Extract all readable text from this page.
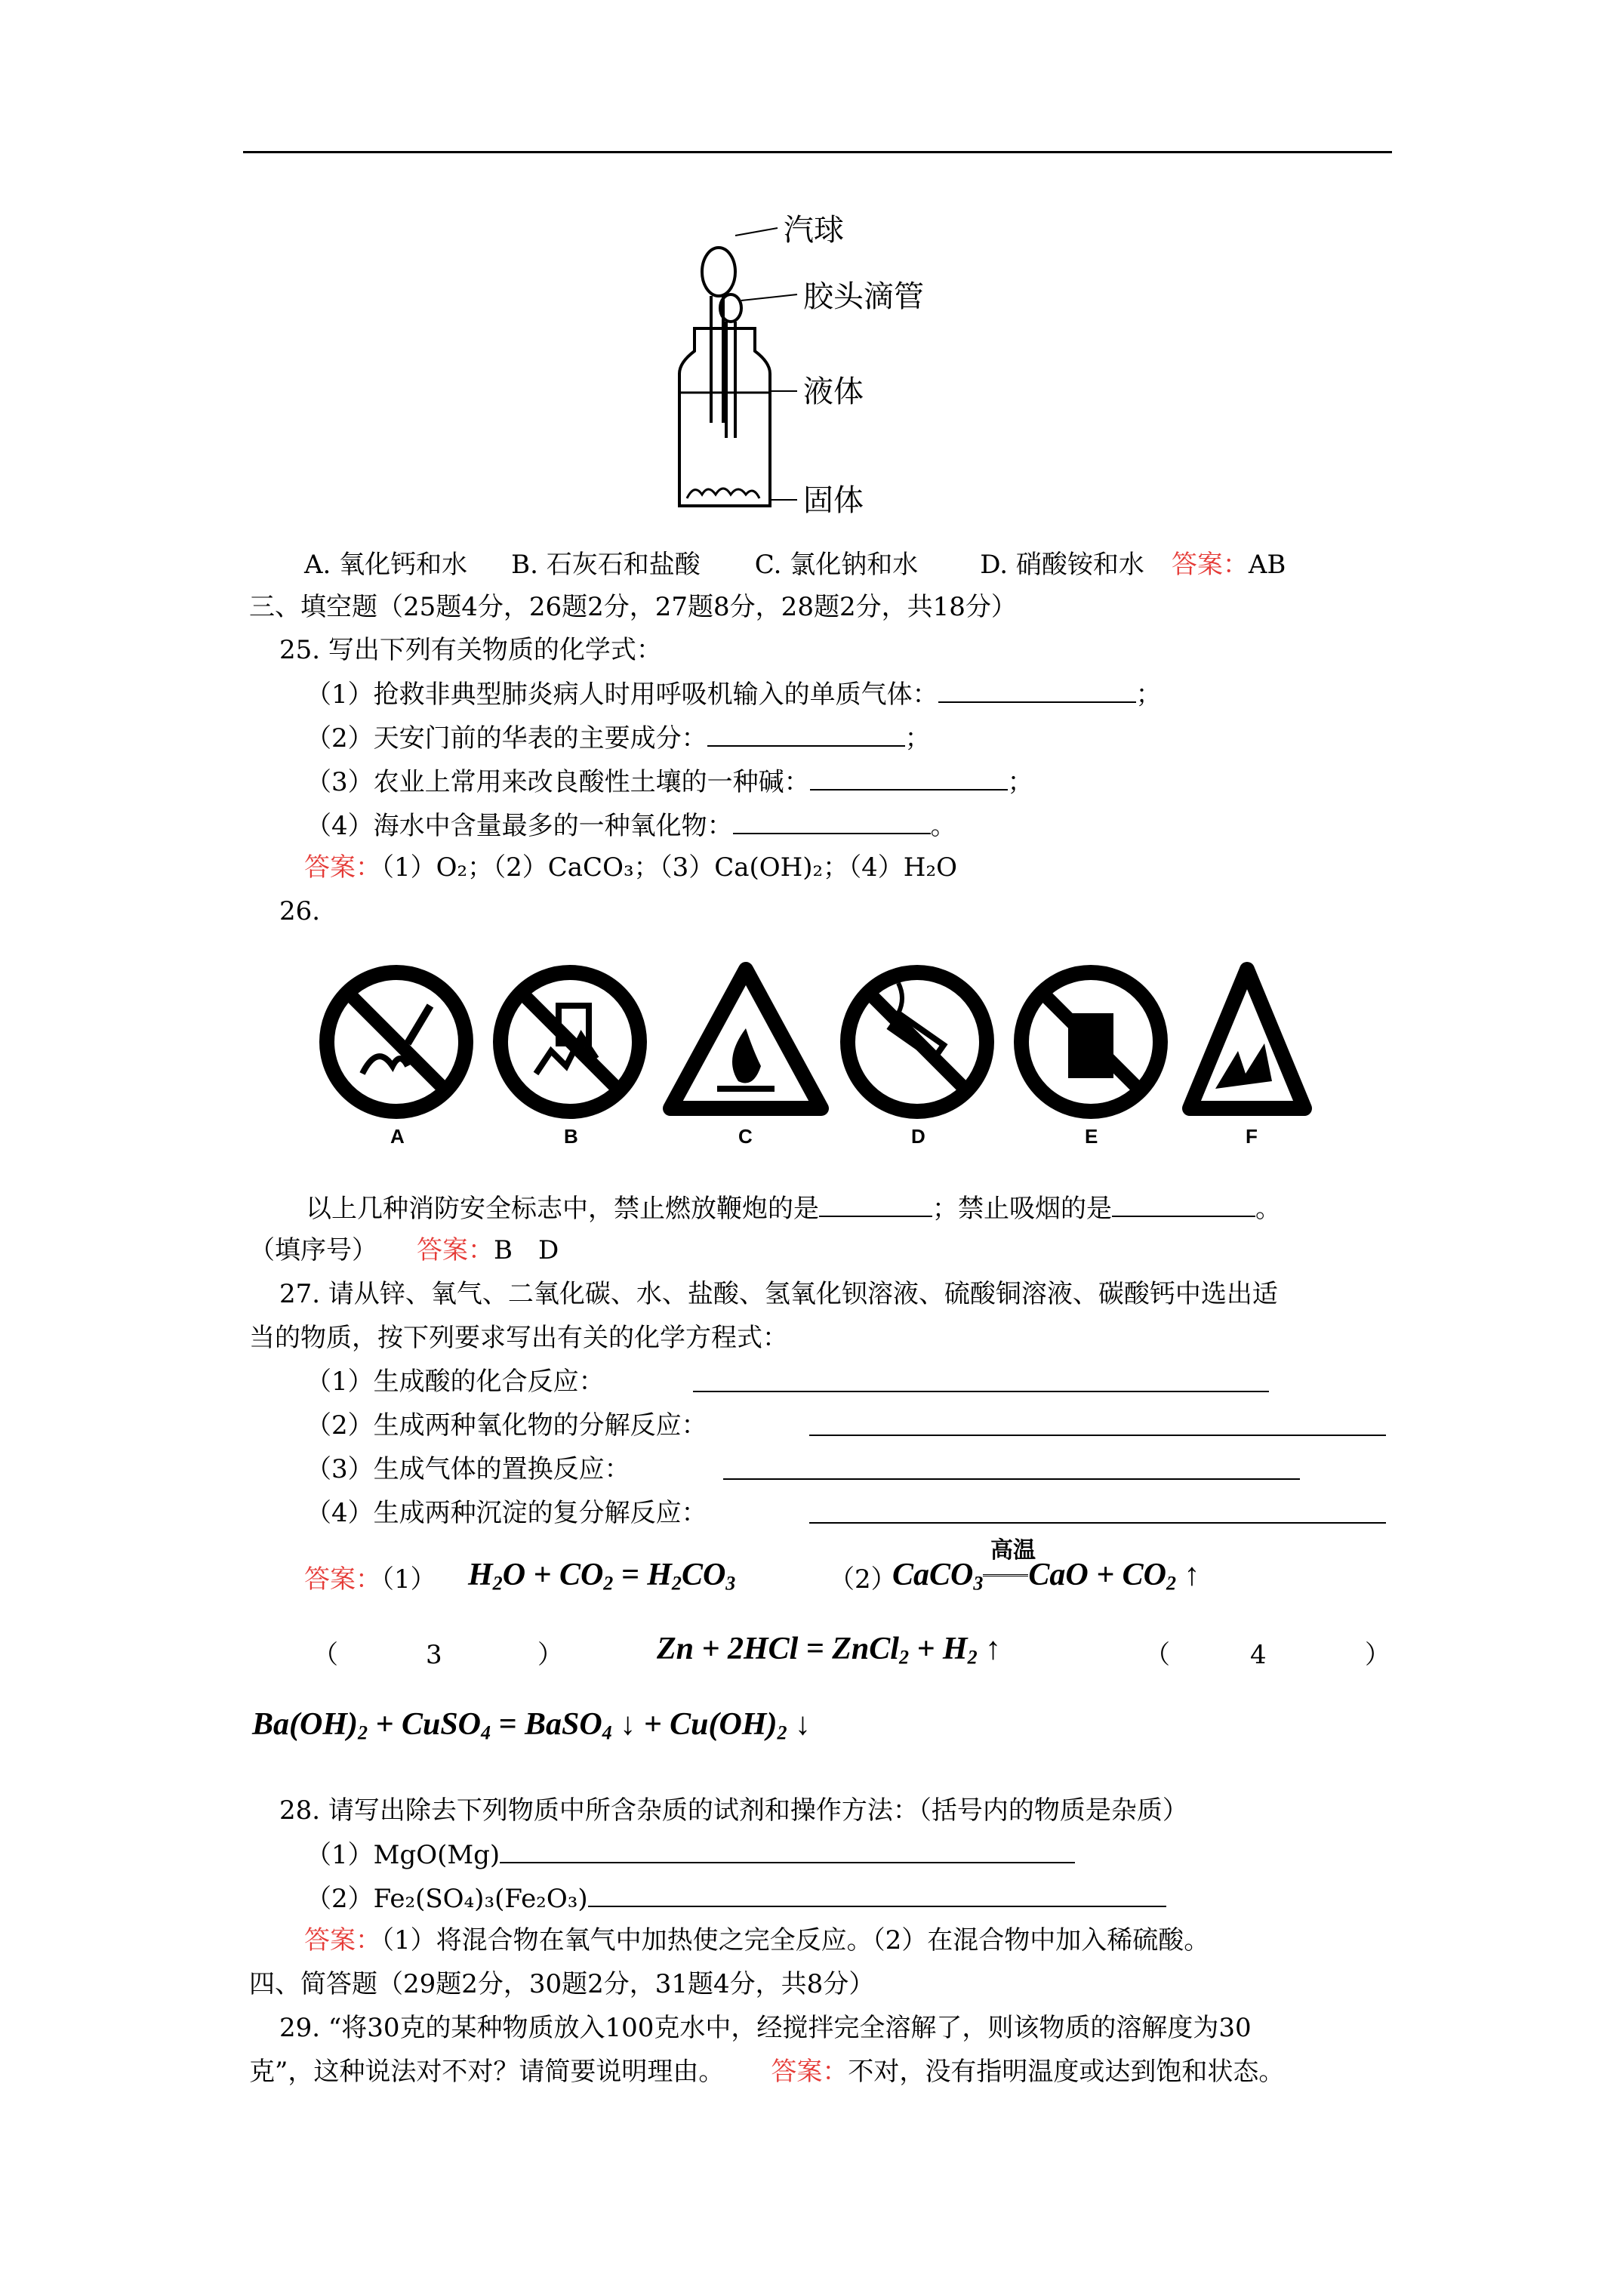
汽球
胶头滴管
液体
固体
A. 氧化钙和水 B. 石灰石和盐酸 C. 氯化钠和水 D. 硝酸铵和水 答案：AB
三、填空题（25题4分，26题2分，27题8分，28题2分，共18分）
25. 写出下列有关物质的化学式：
（1）抢救非典型肺炎病人时用呼吸机输入的单质气体：	；
（2）天安门前的华表的主要成分：	；
（3）农业上常用来改良酸性土壤的一种碱：	；
（4）海水中含量最多的一种氧化物：	。
答案：（1）O₂；（2）CaCO₃；（3）Ca(OH)₂；（4）H₂O
26.
A	B	C	D	E	F
以上几种消防安全标志中，禁止燃放鞭炮的是	；禁止吸烟的是	。
（填序号） 答案：B　D
27. 请从锌、氧气、二氧化碳、水、盐酸、氢氧化钡溶液、硫酸铜溶液、碳酸钙中选出适
当的物质，按下列要求写出有关的化学方程式：
（1）生成酸的化合反应：
（2）生成两种氧化物的分解反应：
（3）生成气体的置换反应：
（4）生成两种沉淀的复分解反应：
答案：（1） $H_2O + CO_2 = H_2CO_3$	（2）
高温
CaCO$_3$ CaO + $CO_2$ ↑
（	3	）	Zn + 2HCl = ZnCl$_2$ + $H_2$ ↑	（	4	）
$Ba(OH)_2$ + CuSO$_4$ = BaSO$_4$ ↓ + $Cu(OH)_2$ ↓
28. 请写出除去下列物质中所含杂质的试剂和操作方法：（括号内的物质是杂质）
（1）MgO(Mg)
（2）Fe₂(SO₄)₃(Fe₂O₃)
答案：（1）将混合物在氧气中加热使之完全反应。（2）在混合物中加入稀硫酸。
四、简答题（29题2分，30题2分，31题4分，共8分）
29. “将30克的某种物质放入100克水中，经搅拌完全溶解了，则该物质的溶解度为30
克”，这种说法对不对？请简要说明理由。 答案：不对，没有指明温度或达到饱和状态。
